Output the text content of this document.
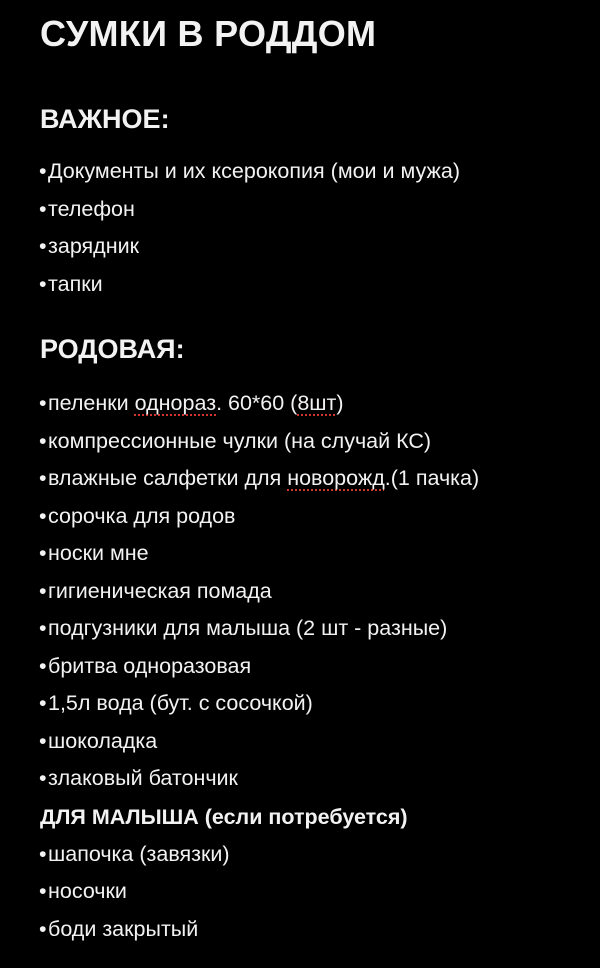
СУМКИ В РОДДОМ
ВАЖНОЕ:
• Документы и их ксерокопия (мои и мужа)
• телефон
• зарядник
• тапки
РОДОВАЯ:
• пеленки однораз. 60*60 (8шт)
• компрессионные чулки (на случай КС)
• влажные салфетки для новорожд.(1 пачка)
• сорочка для родов
• носки мне
• гигиеническая помада
• подгузники для малыша (2 шт - разные)
• бритва одноразовая
• 1,5л вода (бут. с сосочкой)
• шоколадка
• злаковый батончик
ДЛЯ МАЛЫША (если потребуется)
• шапочка (завязки)
• носочки
• боди закрытый
